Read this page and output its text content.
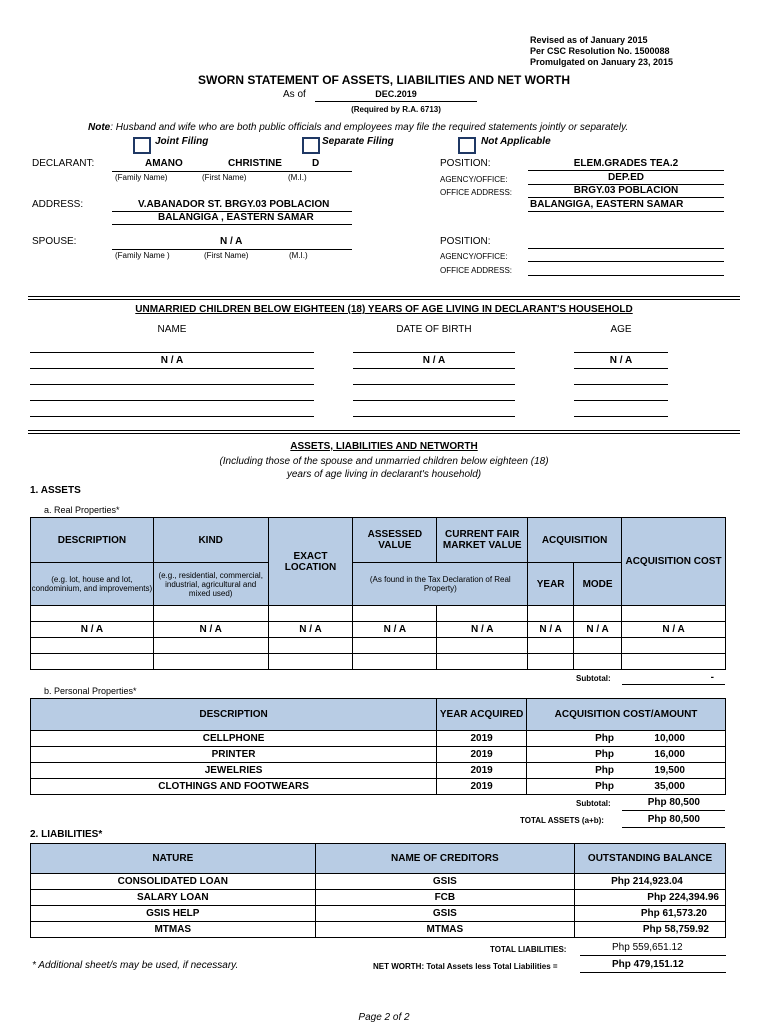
Revised as of January 2015
Per CSC Resolution No. 1500088
Promulgated on January 23, 2015
SWORN STATEMENT OF ASSETS, LIABILITIES AND NET WORTH
As of	DEC.2019
(Required by R.A. 6713)
Note: Husband and wife who are both public officials and employees may file the required statements jointly or separately.
Joint Filing	Separate Filing	Not Applicable
DECLARANT:	AMANO	CHRISTINE	D
(Family Name)	(First Name)	(M.I.)
POSITION:	ELEM.GRADES TEA.2
AGENCY/OFFICE:	DEP.ED
OFFICE ADDRESS:	BRGY.03 POBLACION
BALANGIGA, EASTERN SAMAR
ADDRESS:	V.ABANADOR ST. BRGY.03 POBLACION
BALANGIGA , EASTERN SAMAR
SPOUSE:	N / A
(Family Name )	(First Name)	(M.I.)
POSITION:
AGENCY/OFFICE:
OFFICE ADDRESS:
UNMARRIED CHILDREN BELOW EIGHTEEN (18) YEARS OF AGE LIVING IN DECLARANT'S HOUSEHOLD
NAME	DATE OF BIRTH	AGE
N / A	N / A	N / A
ASSETS, LIABILITIES AND NETWORTH
(Including those of the spouse and unmarried children below eighteen (18)
years of age living in declarant's household)
1. ASSETS
a. Real Properties*
DESCRIPTION	KIND	EXACT LOCATION	ASSESSED VALUE	CURRENT FAIR MARKET VALUE	ACQUISITION		ACQUISITION COST
(e.g. lot, house and lot, condominium, and improvements)	(e.g., residential, commercial, industrial, agricultural and mixed used)		(As found in the Tax Declaration of Real Property)		YEAR	MODE	

N / A	N / A	N / A	N / A	N / A	N / A	N / A	N / A

Subtotal:	-
b. Personal Properties*
DESCRIPTION	YEAR ACQUIRED	ACQUISITION COST/AMOUNT
CELLPHONE	2019	Php 10,000

PRINTER	2019	Php 16,000

JEWELRIES	2019	Php 19,500

CLOTHINGS AND FOOTWEARS	2019	Php 35,000
Subtotal:	Php 80,500
TOTAL ASSETS (a+b):	Php 80,500
2. LIABILITIES*
NATURE	NAME OF CREDITORS	OUTSTANDING BALANCE
CONSOLIDATED LOAN	GSIS	Php 214,923.04
SALARY LOAN	FCB	Php 224,394.96
GSIS HELP	GSIS	Php 61,573.20
MTMAS	MTMAS	Php 58,759.92
TOTAL LIABILITIES:	Php 559,651.12
* Additional sheet/s may be used, if necessary.	NET WORTH: Total Assets less Total Liabilities =	Php 479,151.12
Page 2 of 2
